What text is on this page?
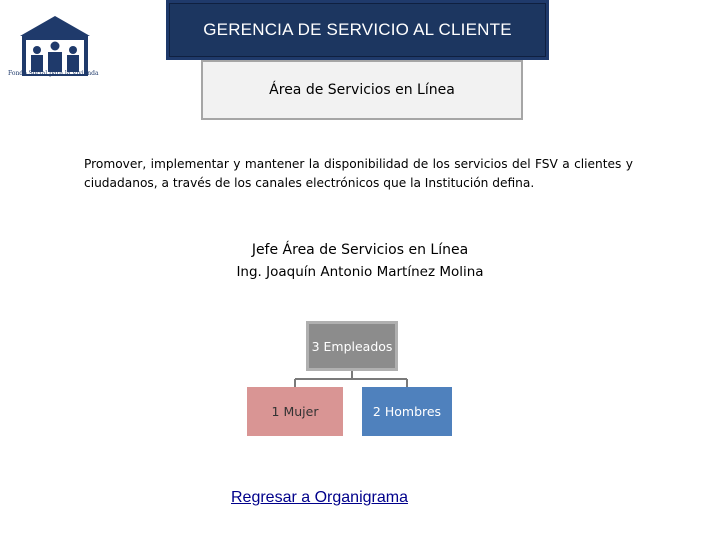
Fondo Social para la Vivienda
GERENCIA DE SERVICIO AL CLIENTE
Área de Servicios en Línea
Promover, implementar y mantener la disponibilidad de los servicios del FSV a clientes y ciudadanos, a través de los canales electrónicos que la Institución defina.
Jefe Área de Servicios en Línea
Ing. Joaquín Antonio Martínez Molina
3 Empleados
1 Mujer	2 Hombres
Regresar a Organigrama
